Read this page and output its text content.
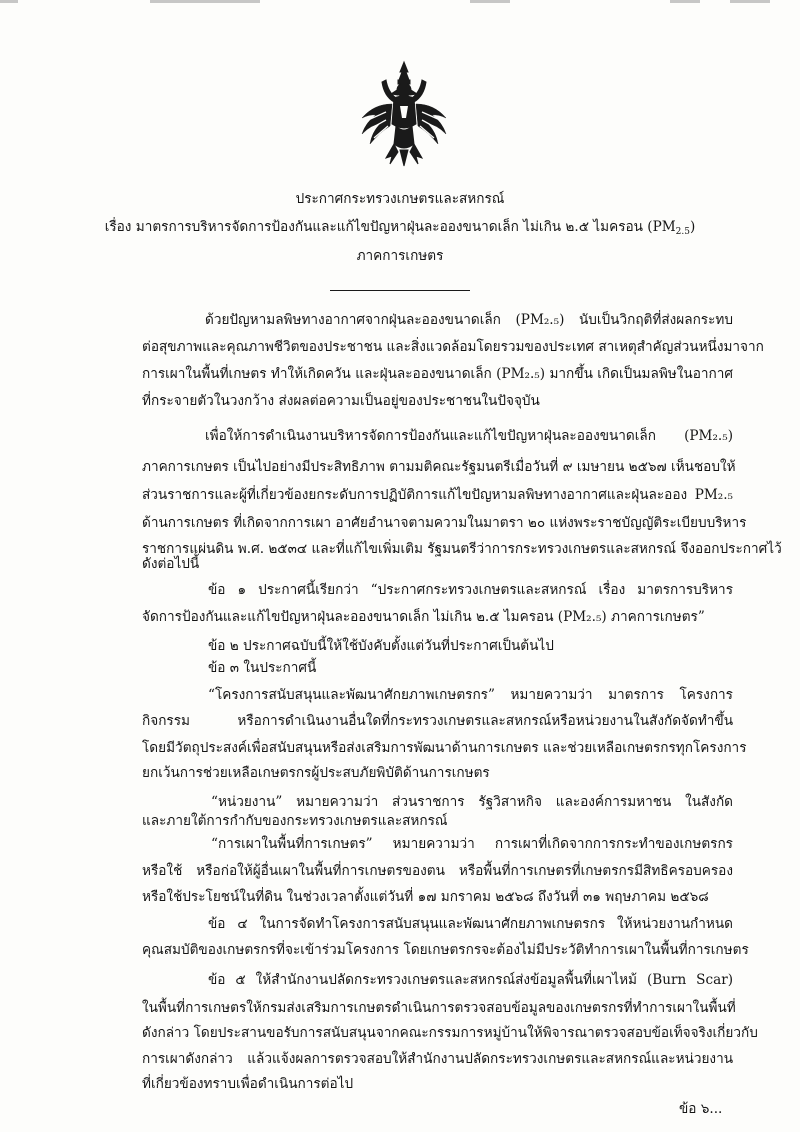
ประกาศกระทรวงเกษตรและสหกรณ์
เรื่อง มาตรการบริหารจัดการป้องกันและแก้ไขปัญหาฝุ่นละอองขนาดเล็ก ไม่เกิน ๒.๕ ไมครอน $(PM_{2.5})$
ภาคการเกษตร
ด้วยปัญหามลพิษทางอากาศจากฝุ่นละอองขนาดเล็ก (PM₂.₅) นับเป็นวิกฤติที่ส่งผลกระทบ
ต่อสุขภาพและคุณภาพชีวิตของประชาชน และสิ่งแวดล้อมโดยรวมของประเทศ สาเหตุสำคัญส่วนหนึ่งมาจาก
การเผาในพื้นที่เกษตร ทำให้เกิดควัน และฝุ่นละอองขนาดเล็ก (PM₂.₅) มากขึ้น เกิดเป็นมลพิษในอากาศ
ที่กระจายตัวในวงกว้าง ส่งผลต่อความเป็นอยู่ของประชาชนในปัจจุบัน
เพื่อให้การดำเนินงานบริหารจัดการป้องกันและแก้ไขปัญหาฝุ่นละอองขนาดเล็ก (PM₂.₅)
ภาคการเกษตร เป็นไปอย่างมีประสิทธิภาพ ตามมติคณะรัฐมนตรีเมื่อวันที่ ๙ เมษายน ๒๕๖๗ เห็นชอบให้
ส่วนราชการและผู้ที่เกี่ยวข้องยกระดับการปฏิบัติการแก้ไขปัญหามลพิษทางอากาศและฝุ่นละออง PM₂.₅
ด้านการเกษตร ที่เกิดจากการเผา อาศัยอำนาจตามความในมาตรา ๒๐ แห่งพระราชบัญญัติระเบียบบริหาร
ราชการแผ่นดิน พ.ศ. ๒๕๓๔ และที่แก้ไขเพิ่มเติม รัฐมนตรีว่าการกระทรวงเกษตรและสหกรณ์ จึงออกประกาศไว้
ดังต่อไปนี้
ข้อ ๑ ประกาศนี้เรียกว่า “ประกาศกระทรวงเกษตรและสหกรณ์ เรื่อง มาตรการบริหาร
จัดการป้องกันและแก้ไขปัญหาฝุ่นละอองขนาดเล็ก ไม่เกิน ๒.๕ ไมครอน (PM₂.₅) ภาคการเกษตร”
ข้อ ๒ ประกาศฉบับนี้ให้ใช้บังคับตั้งแต่วันที่ประกาศเป็นต้นไป
ข้อ ๓ ในประกาศนี้
“โครงการสนับสนุนและพัฒนาศักยภาพเกษตรกร” หมายความว่า มาตรการ โครงการ
กิจกรรม หรือการดำเนินงานอื่นใดที่กระทรวงเกษตรและสหกรณ์หรือหน่วยงานในสังกัดจัดทำขึ้น
โดยมีวัตถุประสงค์เพื่อสนับสนุนหรือส่งเสริมการพัฒนาด้านการเกษตร และช่วยเหลือเกษตรกรทุกโครงการ
ยกเว้นการช่วยเหลือเกษตรกรผู้ประสบภัยพิบัติด้านการเกษตร
“หน่วยงาน” หมายความว่า ส่วนราชการ รัฐวิสาหกิจ และองค์การมหาชน ในสังกัด
และภายใต้การกำกับของกระทรวงเกษตรและสหกรณ์
“การเผาในพื้นที่การเกษตร” หมายความว่า การเผาที่เกิดจากการกระทำของเกษตรกร
หรือใช้ หรือก่อให้ผู้อื่นเผาในพื้นที่การเกษตรของตน หรือพื้นที่การเกษตรที่เกษตรกรมีสิทธิครอบครอง
หรือใช้ประโยชน์ในที่ดิน ในช่วงเวลาตั้งแต่วันที่ ๑๗ มกราคม ๒๕๖๘ ถึงวันที่ ๓๑ พฤษภาคม ๒๕๖๘
ข้อ ๔ ในการจัดทำโครงการสนับสนุนและพัฒนาศักยภาพเกษตรกร ให้หน่วยงานกำหนด
คุณสมบัติของเกษตรกรที่จะเข้าร่วมโครงการ โดยเกษตรกรจะต้องไม่มีประวัติทำการเผาในพื้นที่การเกษตร
ข้อ ๕ ให้สำนักงานปลัดกระทรวงเกษตรและสหกรณ์ส่งข้อมูลพื้นที่เผาไหม้ (Burn Scar)
ในพื้นที่การเกษตรให้กรมส่งเสริมการเกษตรดำเนินการตรวจสอบข้อมูลของเกษตรกรที่ทำการเผาในพื้นที่
ดังกล่าว โดยประสานขอรับการสนับสนุนจากคณะกรรมการหมู่บ้านให้พิจารณาตรวจสอบข้อเท็จจริงเกี่ยวกับ
การเผาดังกล่าว แล้วแจ้งผลการตรวจสอบให้สำนักงานปลัดกระทรวงเกษตรและสหกรณ์และหน่วยงาน
ที่เกี่ยวข้องทราบเพื่อดำเนินการต่อไป
ข้อ ๖...
